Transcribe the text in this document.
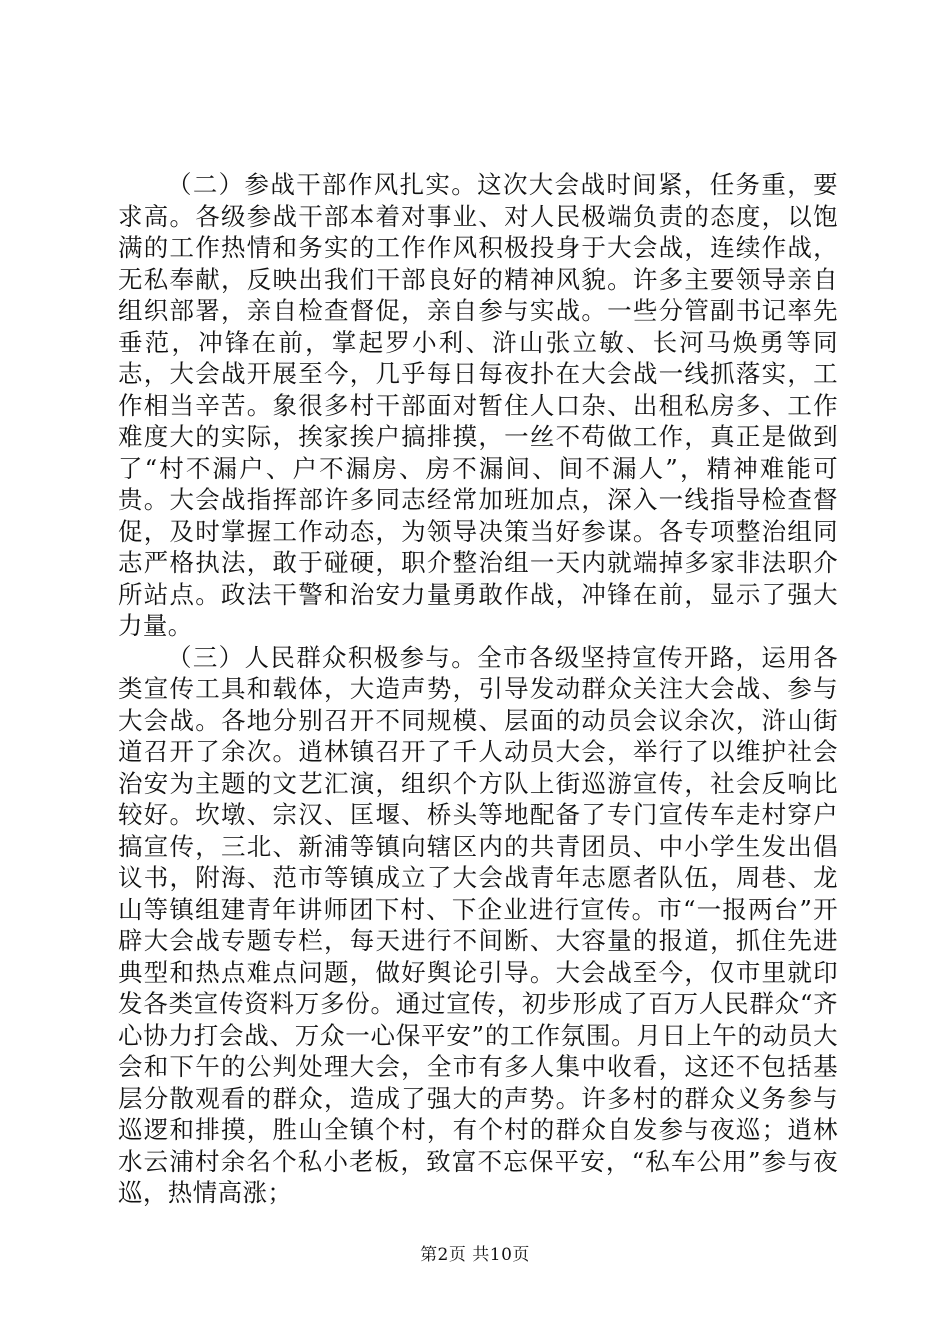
（二）参战干部作风扎实。这次大会战时间紧，任务重，要求高。各级参战干部本着对事业、对人民极端负责的态度，以饱满的工作热情和务实的工作作风积极投身于大会战，连续作战，无私奉献，反映出我们干部良好的精神风貌。许多主要领导亲自组织部署，亲自检查督促，亲自参与实战。一些分管副书记率先垂范，冲锋在前，掌起罗小利、浒山张立敏、长河马焕勇等同志，大会战开展至今，几乎每日每夜扑在大会战一线抓落实，工作相当辛苦。象很多村干部面对暂住人口杂、出租私房多、工作难度大的实际，挨家挨户搞排摸，一丝不苟做工作，真正是做到了“村不漏户、户不漏房、房不漏间、间不漏人”，精神难能可贵。大会战指挥部许多同志经常加班加点，深入一线指导检查督促，及时掌握工作动态，为领导决策当好参谋。各专项整治组同志严格执法，敢于碰硬，职介整治组一天内就端掉多家非法职介所站点。政法干警和治安力量勇敢作战，冲锋在前，显示了强大力量。

（三）人民群众积极参与。全市各级坚持宣传开路，运用各类宣传工具和载体，大造声势，引导发动群众关注大会战、参与大会战。各地分别召开不同规模、层面的动员会议余次，浒山街道召开了余次。逍林镇召开了千人动员大会，举行了以维护社会治安为主题的文艺汇演，组织个方队上街巡游宣传，社会反响比较好。坎墩、宗汉、匡堰、桥头等地配备了专门宣传车走村穿户搞宣传，三北、新浦等镇向辖区内的共青团员、中小学生发出倡议书，附海、范市等镇成立了大会战青年志愿者队伍，周巷、龙山等镇组建青年讲师团下村、下企业进行宣传。市“一报两台”开辟大会战专题专栏，每天进行不间断、大容量的报道，抓住先进典型和热点难点问题，做好舆论引导。大会战至今，仅市里就印发各类宣传资料万多份。通过宣传，初步形成了百万人民群众“齐心协力打会战、万众一心保平安”的工作氛围。月日上午的动员大会和下午的公判处理大会，全市有多人集中收看，这还不包括基层分散观看的群众，造成了强大的声势。许多村的群众义务参与巡逻和排摸，胜山全镇个村，有个村的群众自发参与夜巡；逍林水云浦村余名个私小老板，致富不忘保平安，“私车公用”参与夜巡，热情高涨；

第2页 共10页
